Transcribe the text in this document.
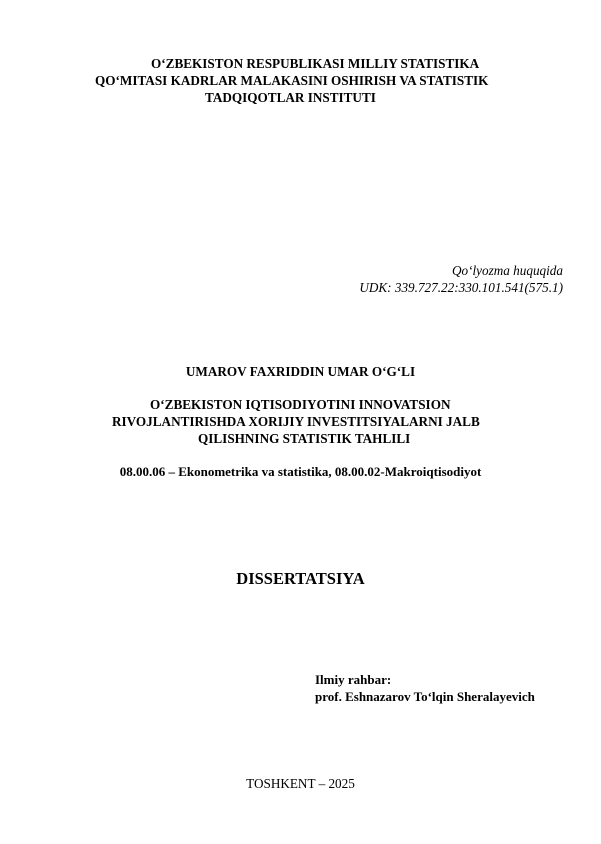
O‘ZBEKISTON RESPUBLIKASI MILLIY STATISTIKA
QO‘MITASI KADRLAR MALAKASINI OSHIRISH VA STATISTIK
TADQIQOTLAR INSTITUTI
Qo‘lyozma huquqida
UDK: 339.727.22:330.101.541(575.1)
UMAROV FAXRIDDIN UMAR O‘G‘LI
O‘ZBEKISTON IQTISODIYOTINI INNOVATSION
RIVOJLANTIRISHDA XORIJIY INVESTITSIYALARNI JALB
QILISHNING STATISTIK TAHLILI
08.00.06 – Ekonometrika va statistika, 08.00.02-Makroiqtisodiyot
DISSERTATSIYA
Ilmiy rahbar:
prof. Eshnazarov To‘lqin Sheralayevich
TOSHKENT – 2025
